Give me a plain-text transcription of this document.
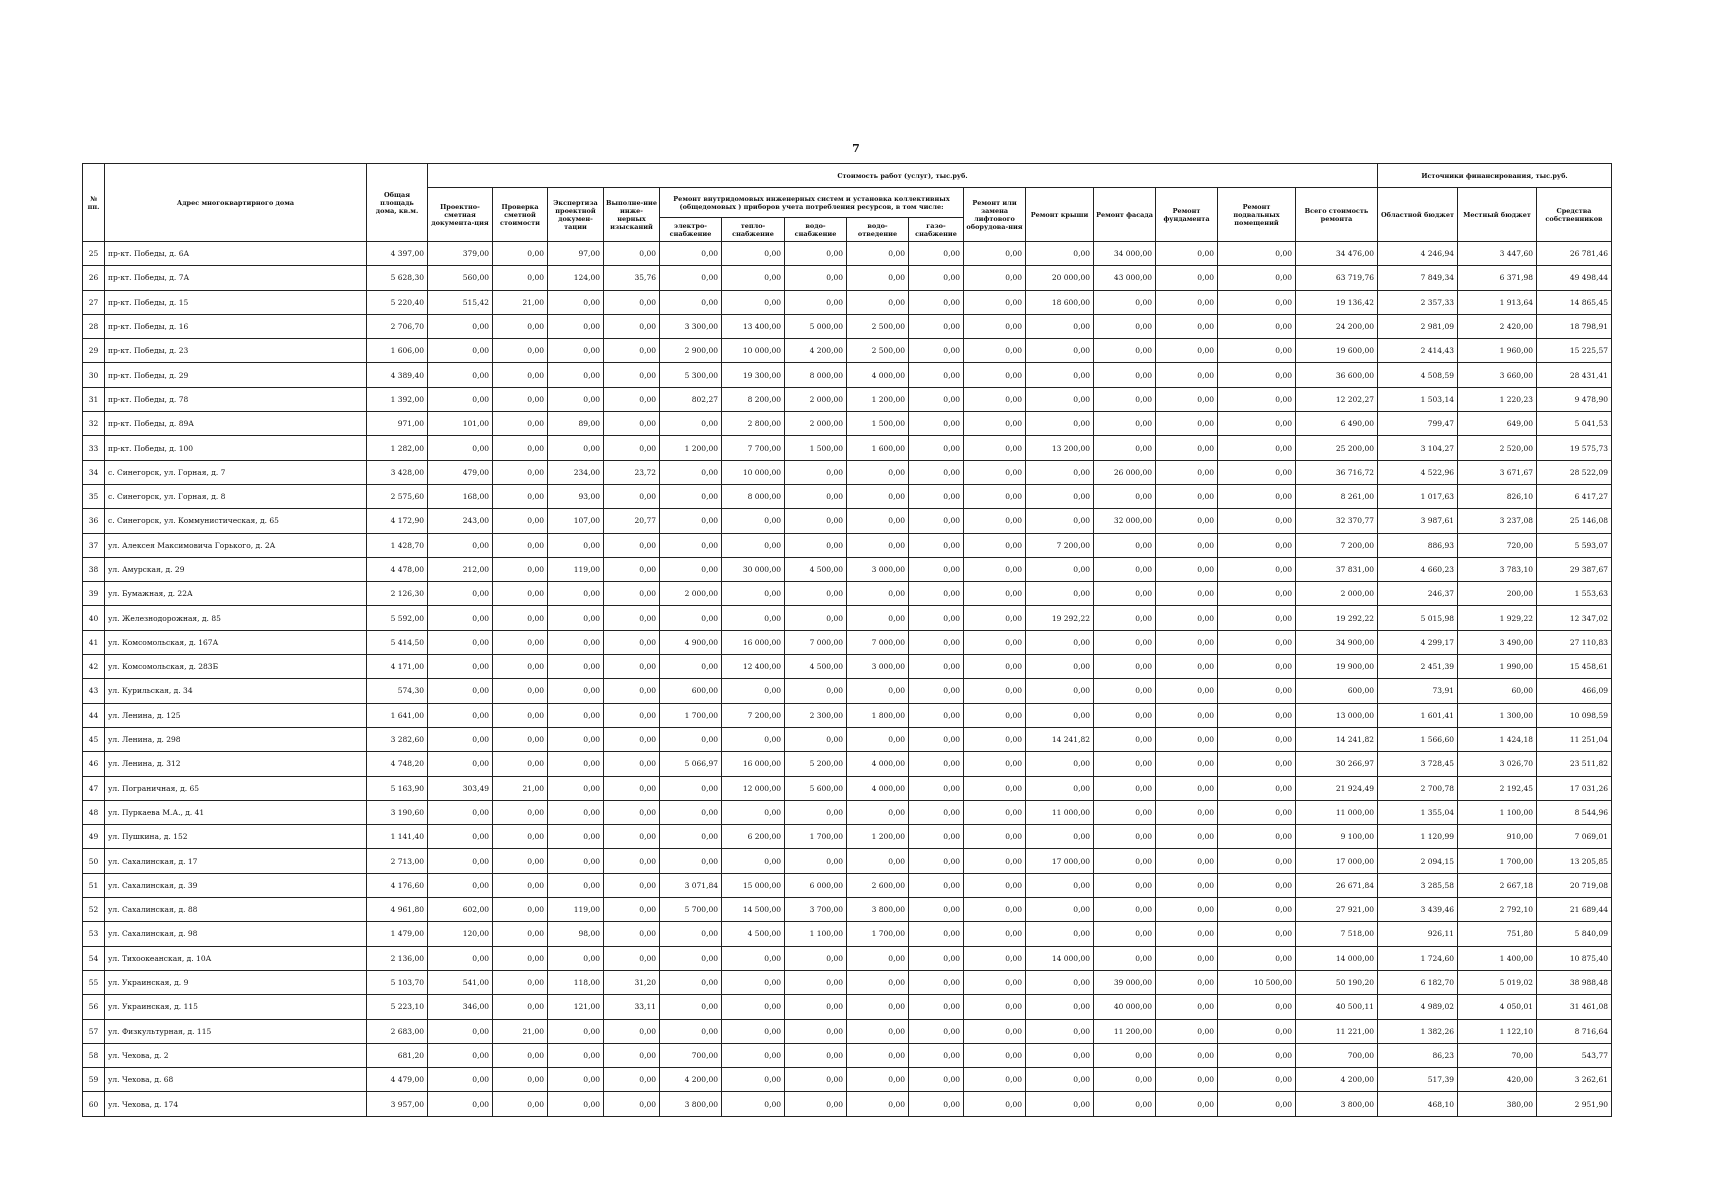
7
№ пп.	Адрес многоквартирного дома	Общая площадь дома, кв.м.	Стоимость работ (услуг), тыс.руб.															Источники финансирования, тыс.руб.		
			Проектно-сметная документа-ция	Проверка сметной стоимости	Экспертиза проектной докумен-тации	Выполне-ние инже-нерных изысканий	Ремонт внутридомовых инженерных систем и установка коллективных (общедомовых ) приборов учета потребления ресурсов, в том числе:					Ремонт или замена лифтового оборудова-ния	Ремонт крыши	Ремонт фасада	Ремонт фундамента	Ремонт подвальных помещений	Всего стоимость ремонта	Областной бюджет	Местный бюджет	Средства собственников
							электро-снабжение	тепло-снабжение	водо-снабжение	водо-отведение	газо-снабжение									
25	пр-кт. Победы, д. 6А	4 397,00	379,00	0,00	97,00	0,00	0,00	0,00	0,00	0,00	0,00	0,00	0,00	34 000,00	0,00	0,00	34 476,00	4 246,94	3 447,60	26 781,46
26	пр-кт. Победы, д. 7А	5 628,30	560,00	0,00	124,00	35,76	0,00	0,00	0,00	0,00	0,00	0,00	20 000,00	43 000,00	0,00	0,00	63 719,76	7 849,34	6 371,98	49 498,44
27	пр-кт. Победы, д. 15	5 220,40	515,42	21,00	0,00	0,00	0,00	0,00	0,00	0,00	0,00	0,00	18 600,00	0,00	0,00	0,00	19 136,42	2 357,33	1 913,64	14 865,45
28	пр-кт. Победы, д. 16	2 706,70	0,00	0,00	0,00	0,00	3 300,00	13 400,00	5 000,00	2 500,00	0,00	0,00	0,00	0,00	0,00	0,00	24 200,00	2 981,09	2 420,00	18 798,91
29	пр-кт. Победы, д. 23	1 606,00	0,00	0,00	0,00	0,00	2 900,00	10 000,00	4 200,00	2 500,00	0,00	0,00	0,00	0,00	0,00	0,00	19 600,00	2 414,43	1 960,00	15 225,57
30	пр-кт. Победы, д. 29	4 389,40	0,00	0,00	0,00	0,00	5 300,00	19 300,00	8 000,00	4 000,00	0,00	0,00	0,00	0,00	0,00	0,00	36 600,00	4 508,59	3 660,00	28 431,41
31	пр-кт. Победы, д. 78	1 392,00	0,00	0,00	0,00	0,00	802,27	8 200,00	2 000,00	1 200,00	0,00	0,00	0,00	0,00	0,00	0,00	12 202,27	1 503,14	1 220,23	9 478,90
32	пр-кт. Победы, д. 89А	971,00	101,00	0,00	89,00	0,00	0,00	2 800,00	2 000,00	1 500,00	0,00	0,00	0,00	0,00	0,00	0,00	6 490,00	799,47	649,00	5 041,53
33	пр-кт. Победы, д. 100	1 282,00	0,00	0,00	0,00	0,00	1 200,00	7 700,00	1 500,00	1 600,00	0,00	0,00	13 200,00	0,00	0,00	0,00	25 200,00	3 104,27	2 520,00	19 575,73
34	с. Синегорск, ул. Горная, д. 7	3 428,00	479,00	0,00	234,00	23,72	0,00	10 000,00	0,00	0,00	0,00	0,00	0,00	26 000,00	0,00	0,00	36 716,72	4 522,96	3 671,67	28 522,09
35	с. Синегорск, ул. Горная, д. 8	2 575,60	168,00	0,00	93,00	0,00	0,00	8 000,00	0,00	0,00	0,00	0,00	0,00	0,00	0,00	0,00	8 261,00	1 017,63	826,10	6 417,27
36	с. Синегорск, ул. Коммунистическая, д. 65	4 172,90	243,00	0,00	107,00	20,77	0,00	0,00	0,00	0,00	0,00	0,00	0,00	32 000,00	0,00	0,00	32 370,77	3 987,61	3 237,08	25 146,08
37	ул. Алексея Максимовича Горького, д. 2А	1 428,70	0,00	0,00	0,00	0,00	0,00	0,00	0,00	0,00	0,00	0,00	7 200,00	0,00	0,00	0,00	7 200,00	886,93	720,00	5 593,07
38	ул. Амурская, д. 29	4 478,00	212,00	0,00	119,00	0,00	0,00	30 000,00	4 500,00	3 000,00	0,00	0,00	0,00	0,00	0,00	0,00	37 831,00	4 660,23	3 783,10	29 387,67
39	ул. Бумажная, д. 22А	2 126,30	0,00	0,00	0,00	0,00	2 000,00	0,00	0,00	0,00	0,00	0,00	0,00	0,00	0,00	0,00	2 000,00	246,37	200,00	1 553,63
40	ул. Железнодорожная, д. 85	5 592,00	0,00	0,00	0,00	0,00	0,00	0,00	0,00	0,00	0,00	0,00	19 292,22	0,00	0,00	0,00	19 292,22	5 015,98	1 929,22	12 347,02
41	ул. Комсомольская, д. 167А	5 414,50	0,00	0,00	0,00	0,00	4 900,00	16 000,00	7 000,00	7 000,00	0,00	0,00	0,00	0,00	0,00	0,00	34 900,00	4 299,17	3 490,00	27 110,83
42	ул. Комсомольская, д. 283Б	4 171,00	0,00	0,00	0,00	0,00	0,00	12 400,00	4 500,00	3 000,00	0,00	0,00	0,00	0,00	0,00	0,00	19 900,00	2 451,39	1 990,00	15 458,61
43	ул. Курильская, д. 34	574,30	0,00	0,00	0,00	0,00	600,00	0,00	0,00	0,00	0,00	0,00	0,00	0,00	0,00	0,00	600,00	73,91	60,00	466,09
44	ул. Ленина, д. 125	1 641,00	0,00	0,00	0,00	0,00	1 700,00	7 200,00	2 300,00	1 800,00	0,00	0,00	0,00	0,00	0,00	0,00	13 000,00	1 601,41	1 300,00	10 098,59
45	ул. Ленина, д. 298	3 282,60	0,00	0,00	0,00	0,00	0,00	0,00	0,00	0,00	0,00	0,00	14 241,82	0,00	0,00	0,00	14 241,82	1 566,60	1 424,18	11 251,04
46	ул. Ленина, д. 312	4 748,20	0,00	0,00	0,00	0,00	5 066,97	16 000,00	5 200,00	4 000,00	0,00	0,00	0,00	0,00	0,00	0,00	30 266,97	3 728,45	3 026,70	23 511,82
47	ул. Пограничная, д. 65	5 163,90	303,49	21,00	0,00	0,00	0,00	12 000,00	5 600,00	4 000,00	0,00	0,00	0,00	0,00	0,00	0,00	21 924,49	2 700,78	2 192,45	17 031,26
48	ул. Пуркаева М.А., д. 41	3 190,60	0,00	0,00	0,00	0,00	0,00	0,00	0,00	0,00	0,00	0,00	11 000,00	0,00	0,00	0,00	11 000,00	1 355,04	1 100,00	8 544,96
49	ул. Пушкина, д. 152	1 141,40	0,00	0,00	0,00	0,00	0,00	6 200,00	1 700,00	1 200,00	0,00	0,00	0,00	0,00	0,00	0,00	9 100,00	1 120,99	910,00	7 069,01
50	ул. Сахалинская, д. 17	2 713,00	0,00	0,00	0,00	0,00	0,00	0,00	0,00	0,00	0,00	0,00	17 000,00	0,00	0,00	0,00	17 000,00	2 094,15	1 700,00	13 205,85
51	ул. Сахалинская, д. 39	4 176,60	0,00	0,00	0,00	0,00	3 071,84	15 000,00	6 000,00	2 600,00	0,00	0,00	0,00	0,00	0,00	0,00	26 671,84	3 285,58	2 667,18	20 719,08
52	ул. Сахалинская, д. 88	4 961,80	602,00	0,00	119,00	0,00	5 700,00	14 500,00	3 700,00	3 800,00	0,00	0,00	0,00	0,00	0,00	0,00	27 921,00	3 439,46	2 792,10	21 689,44
53	ул. Сахалинская, д. 98	1 479,00	120,00	0,00	98,00	0,00	0,00	4 500,00	1 100,00	1 700,00	0,00	0,00	0,00	0,00	0,00	0,00	7 518,00	926,11	751,80	5 840,09
54	ул. Тихоокеанская, д. 10А	2 136,00	0,00	0,00	0,00	0,00	0,00	0,00	0,00	0,00	0,00	0,00	14 000,00	0,00	0,00	0,00	14 000,00	1 724,60	1 400,00	10 875,40
55	ул. Украинская, д. 9	5 103,70	541,00	0,00	118,00	31,20	0,00	0,00	0,00	0,00	0,00	0,00	0,00	39 000,00	0,00	10 500,00	50 190,20	6 182,70	5 019,02	38 988,48
56	ул. Украинская, д. 115	5 223,10	346,00	0,00	121,00	33,11	0,00	0,00	0,00	0,00	0,00	0,00	0,00	40 000,00	0,00	0,00	40 500,11	4 989,02	4 050,01	31 461,08
57	ул. Физкультурная, д. 115	2 683,00	0,00	21,00	0,00	0,00	0,00	0,00	0,00	0,00	0,00	0,00	0,00	11 200,00	0,00	0,00	11 221,00	1 382,26	1 122,10	8 716,64
58	ул. Чехова, д. 2	681,20	0,00	0,00	0,00	0,00	700,00	0,00	0,00	0,00	0,00	0,00	0,00	0,00	0,00	0,00	700,00	86,23	70,00	543,77
59	ул. Чехова, д. 68	4 479,00	0,00	0,00	0,00	0,00	4 200,00	0,00	0,00	0,00	0,00	0,00	0,00	0,00	0,00	0,00	4 200,00	517,39	420,00	3 262,61
60	ул. Чехова, д. 174	3 957,00	0,00	0,00	0,00	0,00	3 800,00	0,00	0,00	0,00	0,00	0,00	0,00	0,00	0,00	0,00	3 800,00	468,10	380,00	2 951,90
